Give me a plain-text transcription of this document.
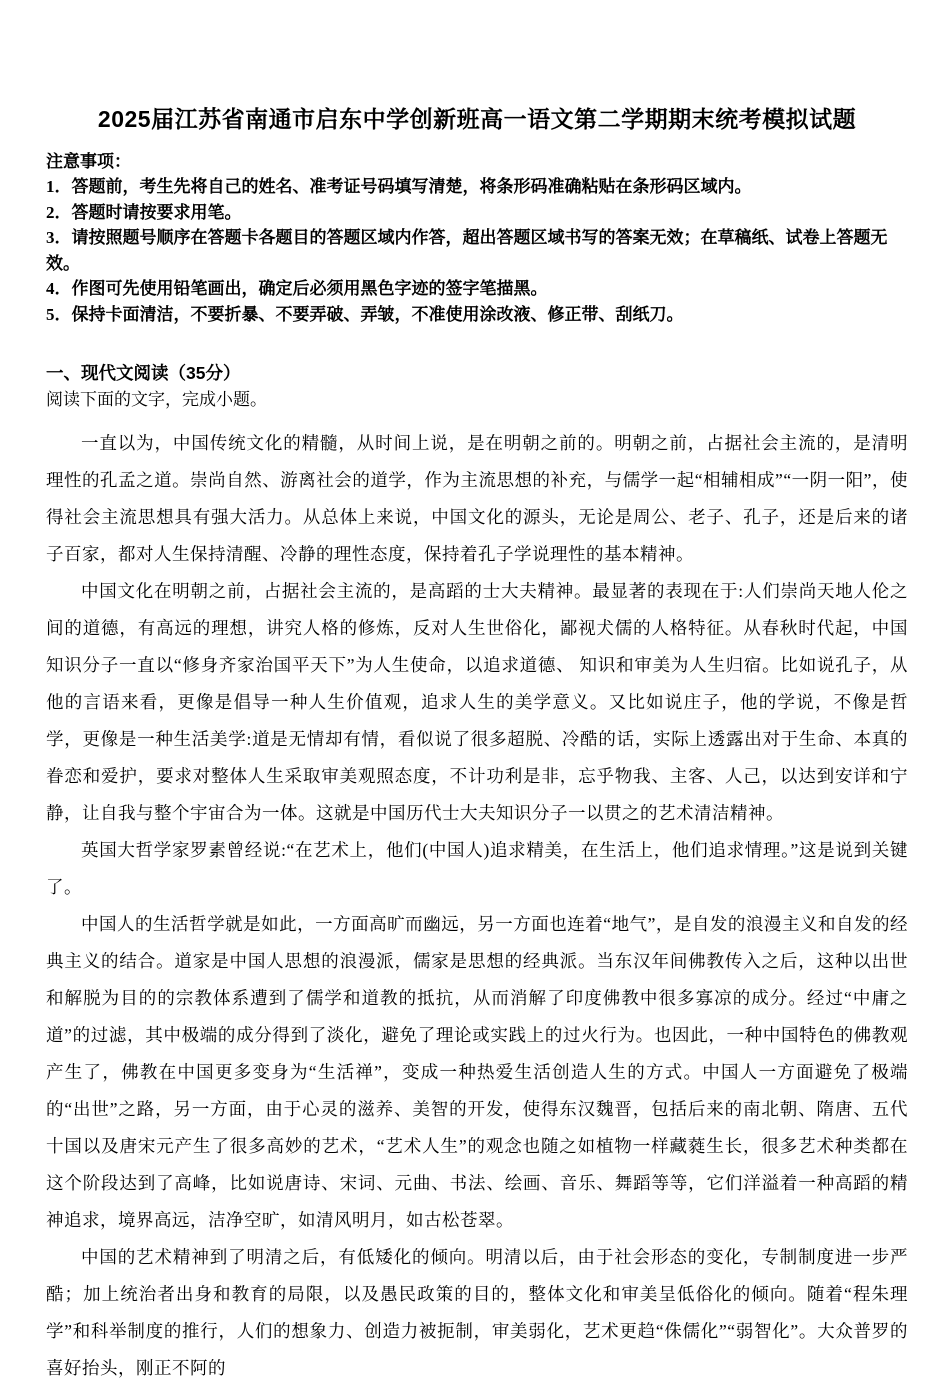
2025届江苏省南通市启东中学创新班高一语文第二学期期末统考模拟试题
注意事项：
1．答题前，考生先将自己的姓名、准考证号码填写清楚，将条形码准确粘贴在条形码区域内。
2．答题时请按要求用笔。
3．请按照题号顺序在答题卡各题目的答题区域内作答，超出答题区域书写的答案无效；在草稿纸、试卷上答题无效。
4．作图可先使用铅笔画出，确定后必须用黑色字迹的签字笔描黑。
5．保持卡面清洁，不要折暴、不要弄破、弄皱，不准使用涂改液、修正带、刮纸刀。
一、现代文阅读（35分）
阅读下面的文字，完成小题。

一直以为，中国传统文化的精髓，从时间上说，是在明朝之前的。明朝之前，占据社会主流的，是清明理性的孔孟之道。崇尚自然、游离社会的道学，作为主流思想的补充，与儒学一起“相辅相成”“一阴一阳”，使得社会主流思想具有强大活力。从总体上来说，中国文化的源头，无论是周公、老子、孔子，还是后来的诸子百家，都对人生保持清醒、冷静的理性态度，保持着孔子学说理性的基本精神。

中国文化在明朝之前，占据社会主流的，是高蹈的士大夫精神。最显著的表现在于:人们崇尚天地人伦之间的道德，有高远的理想，讲究人格的修炼，反对人生世俗化，鄙视犬儒的人格特征。从春秋时代起，中国知识分子一直以“修身齐家治国平天下”为人生使命，以追求道德、 知识和审美为人生归宿。比如说孔子，从他的言语来看，更像是倡导一种人生价值观，追求人生的美学意义。又比如说庄子，他的学说，不像是哲学，更像是一种生活美学:道是无情却有情，看似说了很多超脱、冷酷的话，实际上透露出对于生命、本真的眷恋和爱护，要求对整体人生采取审美观照态度，不计功利是非，忘乎物我、主客、人己，以达到安详和宁静，让自我与整个宇宙合为一体。这就是中国历代士大夫知识分子一以贯之的艺术清洁精神。

英国大哲学家罗素曾经说:“在艺术上，他们(中国人)追求精美，在生活上，他们追求情理。”这是说到关键了。

中国人的生活哲学就是如此，一方面高旷而幽远，另一方面也连着“地气”，是自发的浪漫主义和自发的经典主义的结合。道家是中国人思想的浪漫派，儒家是思想的经典派。当东汉年间佛教传入之后，这种以出世和解脱为目的的宗教体系遭到了儒学和道教的抵抗，从而消解了印度佛教中很多寡凉的成分。经过“中庸之道”的过滤，其中极端的成分得到了淡化，避免了理论或实践上的过火行为。也因此，一种中国特色的佛教观产生了，佛教在中国更多变身为“生活禅”，变成一种热爱生活创造人生的方式。中国人一方面避免了极端的“出世”之路，另一方面，由于心灵的滋养、美智的开发，使得东汉魏晋，包括后来的南北朝、隋唐、五代十国以及唐宋元产生了很多高妙的艺术，“艺术人生”的观念也随之如植物一样藏蕤生长，很多艺术种类都在这个阶段达到了高峰，比如说唐诗、宋词、元曲、书法、绘画、音乐、舞蹈等等，它们洋溢着一种高蹈的精神追求，境界高远，洁净空旷，如清风明月，如古松苍翠。

中国的艺术精神到了明清之后，有低矮化的倾向。明清以后，由于社会形态的变化，专制制度进一步严酷；加上统治者出身和教育的局限，以及愚民政策的目的，整体文化和审美呈低俗化的倾向。随着“程朱理学”和科举制度的推行，人们的想象力、创造力被扼制，审美弱化，艺术更趋“侏儒化”“弱智化”。大众普罗的喜好抬头，刚正不阿的
